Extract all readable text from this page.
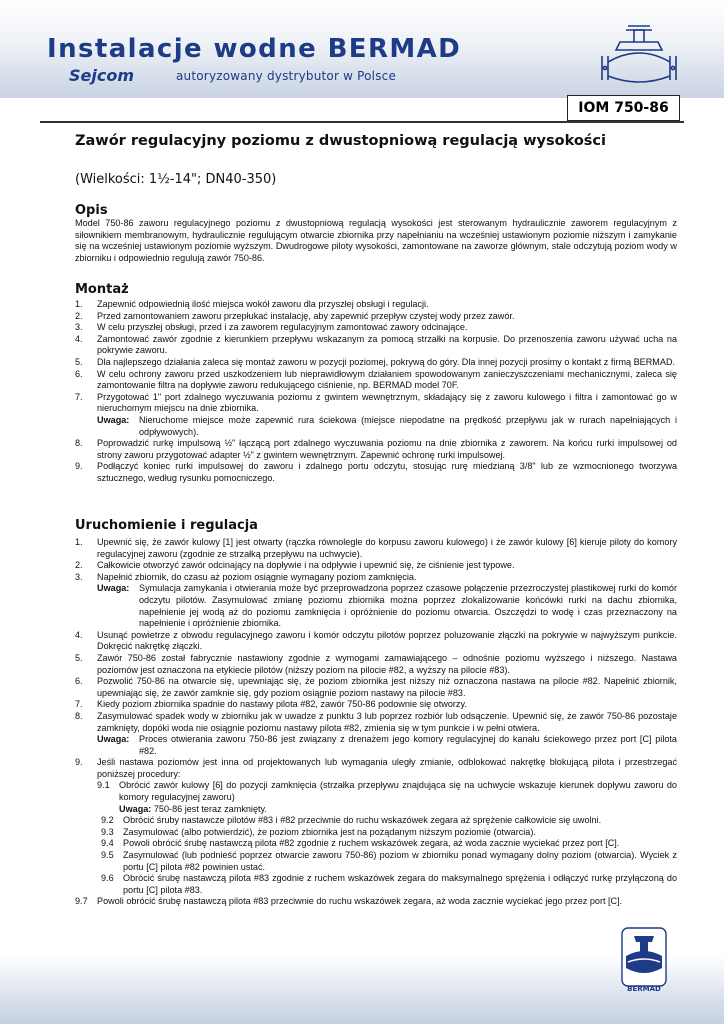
Instalacje wodne BERMAD
Sejcom	autoryzowany dystrybutor w Polsce
IOM 750-86
Zawór regulacyjny poziomu z dwustopniową regulacją wysokości
(Wielkości: 1½-14"; DN40-350)
Opis
Model 750-86 zaworu regulacyjnego poziomu z dwustopniową regulacją wysokości jest sterowanym hydraulicznie zaworem regulacyjnym z siłownikiem membranowym, hydraulicznie regulującym otwarcie zbiornika przy napełnianiu na wcześniej ustawionym poziomie niższym i zamykanie się na wcześniej ustawionym poziomie wyższym. Dwudrogowe piloty wysokości, zamontowane na zaworze głównym, stale odczytują poziom wody w zbiorniku i odpowiednio regulują zawór 750-86.
Montaż
1.	Zapewnić odpowiednią ilość miejsca wokół zaworu dla przyszłej obsługi i regulacji.
2.	Przed zamontowaniem zaworu przepłukać instalację, aby zapewnić przepływ czystej wody przez zawór.
3.	W celu przyszłej obsługi, przed i za zaworem regulacyjnym zamontować zawory odcinające.
4.	Zamontować zawór zgodnie z kierunkiem przepływu wskazanym za pomocą strzałki na korpusie. Do przenoszenia zaworu używać ucha na pokrywie zaworu.
5.	Dla najlepszego działania zaleca się montaż zaworu w pozycji poziomej, pokrywą do góry. Dla innej pozycji prosimy o kontakt z firmą BERMAD.
6.	W celu ochrony zaworu przed uszkodzeniem lub nieprawidłowym działaniem spowodowanym zanieczyszczeniami mechanicznymi, zaleca się zamontowanie filtra na dopływie zaworu redukującego ciśnienie, np. BERMAD model 70F.
7.	Przygotować 1" port zdalnego wyczuwania poziomu z gwintem wewnętrznym, składający się z zaworu kulowego i filtra i zamontować go w nieruchomym miejscu na dnie zbiornika.
Uwaga:	Nieruchome miejsce może zapewnić rura ściekowa (miejsce niepodatne na prędkość przepływu jak w rurach napełniających i odpływowych).
8.	Poprowadzić rurkę impulsową ½" łączącą port zdalnego wyczuwania poziomu na dnie zbiornika z zaworem. Na końcu rurki impulsowej od strony zaworu przygotować adapter ½" z gwintem wewnętrznym. Zapewnić ochronę rurki impulsowej.
9.	Podłączyć koniec rurki impulsowej do zaworu i zdalnego portu odczytu, stosując rurę miedzianą 3/8" lub ze wzmocnionego tworzywa sztucznego, według rysunku pomocniczego.
Uruchomienie i regulacja
1.	Upewnić się, że zawór kulowy [1] jest otwarty (rączka równolegle do korpusu zaworu kulowego) i że zawór kulowy [6] kieruje piloty do komory regulacyjnej zaworu (zgodnie ze strzałką przepływu na uchwycie).
2.	Całkowicie otworzyć zawór odcinający na dopływie i na odpływie i upewnić się, że ciśnienie jest typowe.
3.	Napełnić zbiornik, do czasu aż poziom osiągnie wymagany poziom zamknięcia.
Uwaga:	Symulacja zamykania i otwierania może być przeprowadzona poprzez czasowe połączenie przezroczystej plastikowej rurki do komór odczytu pilotów. Zasymulować zmianę poziomu zbiornika można poprzez zlokalizowanie końcówki rurki na dachu zbiornika, napełnienie jej wodą aż do poziomu zamknięcia i opróżnienie do poziomu otwarcia. Oszczędzi to wodę i czas przeznaczony na napełnienie i opróżnienie zbiornika.
4.	Usunąć powietrze z obwodu regulacyjnego zaworu i komór odczytu pilotów poprzez poluzowanie złączki na pokrywie w najwyższym punkcie. Dokręcić nakrętkę złączki.
5.	Zawór 750-86 został fabrycznie nastawiony zgodnie z wymogami zamawiającego – odnośnie poziomu wyższego i niższego. Nastawa poziomów jest oznaczona na etykiecie pilotów (niższy poziom na pilocie #82, a wyższy na pilocie #83).
6.	Pozwolić 750-86 na otwarcie się, upewniając się, że poziom zbiornika jest niższy niż oznaczona nastawa na pilocie #82. Napełnić zbiornik, upewniając się, że zawór zamknie się, gdy poziom osiągnie poziom nastawy na pilocie #83.
7.	Kiedy poziom zbiornika spadnie do nastawy pilota #82, zawór 750-86 podownie się otworzy.
8.	Zasymulować spadek wody w zbiorniku jak w uwadze z punktu 3 lub poprzez rozbiór lub odsączenie. Upewnić się, że zawór 750-86 pozostaje zamknięty, dopóki woda nie osiągnie poziomu nastawy pilota #82, zmienia się w tym punkcie i w pełni otwiera.
Uwaga:	Proces otwierania zaworu 750-86 jest związany z drenażem jego komory regulacyjnej do kanału ściekowego przez port [C] pilota #82.
9.	Jeśli nastawa poziomów jest inna od projektowanych lub wymagania uległy zmianie, odblokować nakrętkę blokującą pilota i przestrzegać poniższej procedury:
9.1	Obrócić zawór kulowy [6] do pozycji zamknięcia (strzałka przepływu znajdująca się na uchwycie wskazuje kierunek dopływu zaworu do komory regulacyjnej zaworu)
Uwaga: 750-86 jest teraz zamknięty.
9.2	Obrócić śruby nastawcze pilotów #83 i #82 przeciwnie do ruchu wskazówek zegara aż sprężenie całkowicie się uwolni.
9.3	Zasymulować (albo potwierdzić), że poziom zbiornika jest na pożądanym niższym poziomie (otwarcia).
9.4	Powoli obrócić śrubę nastawczą pilota #82 zgodnie z ruchem wskazówek zegara, aż woda zacznie wyciekać przez port [C].
9.5	Zasymulować (lub podnieść poprzez otwarcie zaworu 750-86) poziom w zbiorniku ponad wymagany dolny poziom (otwarcia). Wyciek z portu [C] pilota #82 powinien ustać.
9.6	Obrócić śrubę nastawczą pilota #83 zgodnie z ruchem wskazówek zegara do maksymalnego sprężenia i odłączyć rurkę przyłączoną do portu [C] pilota #83.
9.7	Powoli obrócić śrubę nastawczą pilota #83 przeciwnie do ruchu wskazówek zegara, aż woda zacznie wyciekać jego przez port [C].
BERMAD
